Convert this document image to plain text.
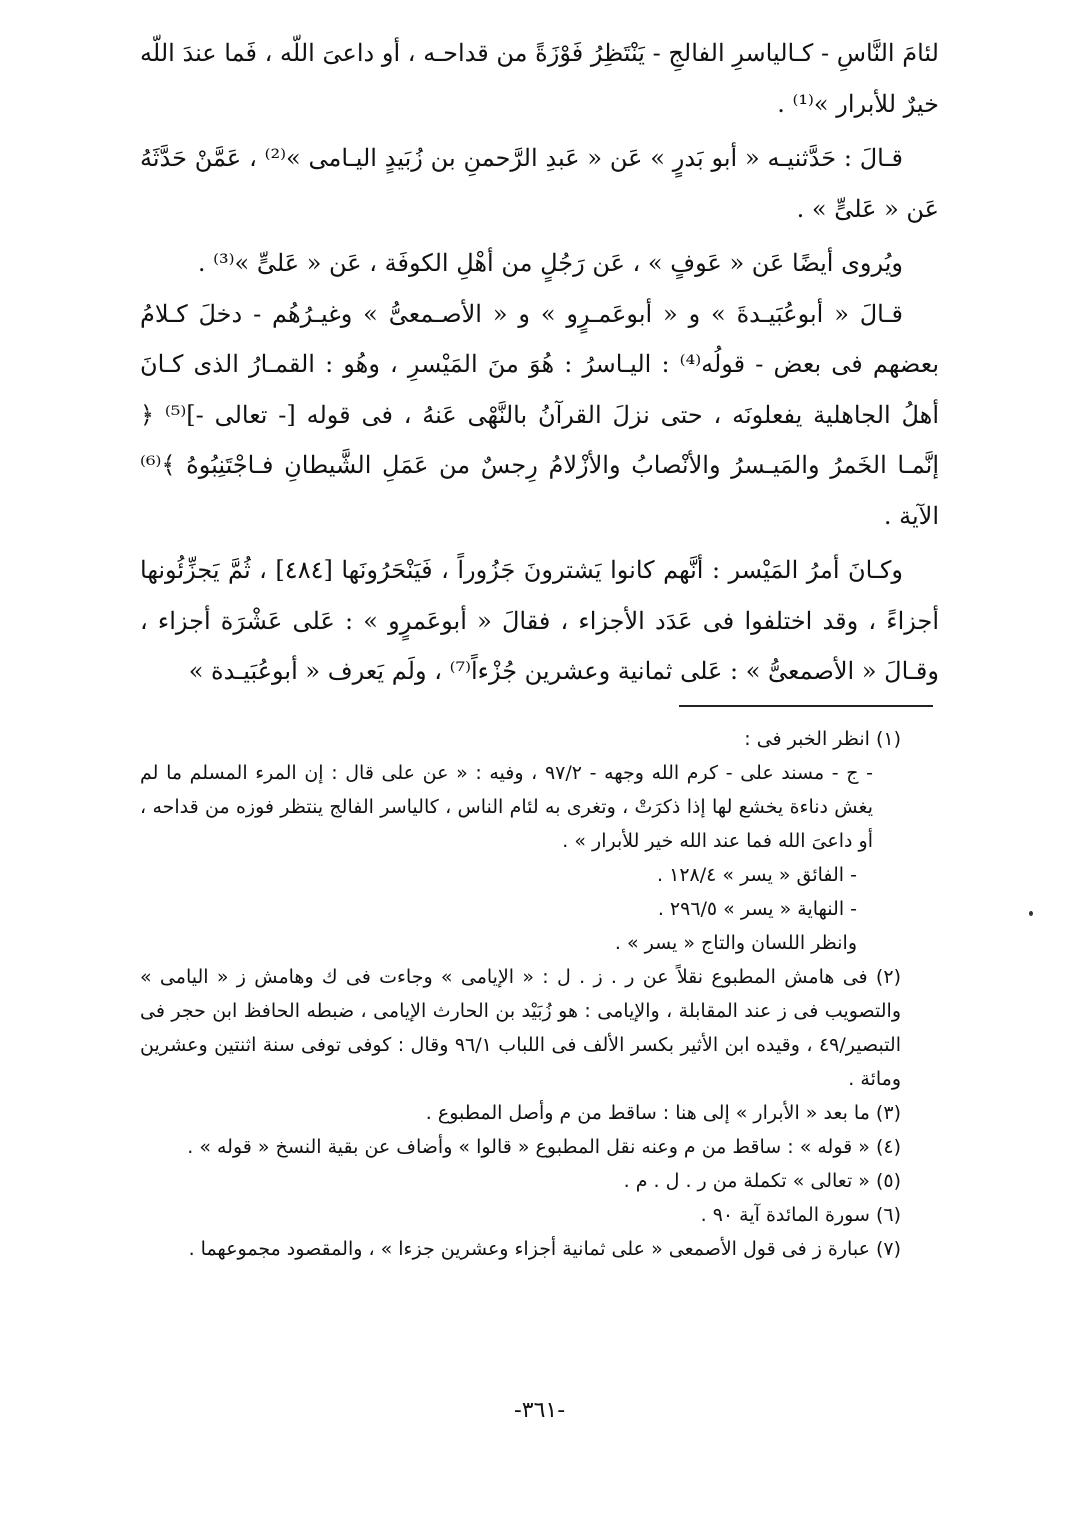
لئامَ النَّاسِ - كـالياسرِ الفالجِ - يَنْتَظِرُ فَوْزَةً من قداحـه ، أو داعىَ اللّه ، فَما عندَ اللّه خيرٌ للأبرار »⁽¹⁾ .

قـالَ : حَدَّثنيـه « أبو بَدرٍ » عَن « عَبدِ الرَّحمنِ بن زُبَيدٍ اليـامى »⁽²⁾ ، عَمَّنْ حَدَّثَهُ عَن « عَلىٍّ » .

ويُروى أيضًا عَن « عَوفٍ » ، عَن رَجُلٍ من أهْلِ الكوفَة ، عَن « عَلىٍّ »⁽³⁾ .

قـالَ « أبوعُبَيـدةَ » و « أبوعَمـرٍو » و « الأصـمعىُّ » وغيـرُهُم - دخلَ كـلامُ بعضهم فى بعض - قولُه⁽⁴⁾ : اليـاسرُ : هُوَ منَ المَيْسرِ ، وهُو : القمـارُ الذى كـانَ أهلُ الجاهلية يفعلونَه ، حتى نزلَ القرآنُ بالنَّهْى عَنهُ ، فى قوله [- تعالى -]⁽⁵⁾ ﴿ إنَّمـا الخَمرُ والمَيـسرُ والأنْصابُ والأزْلامُ رِجسٌ من عَمَلِ الشَّيطانِ فـاجْتَنِبُوهُ ﴾⁽⁶⁾ الآية .

وكـانَ أمرُ المَيْسر : أنَّهم كانوا يَشترونَ جَزُوراً ، فَيَنْحَرُونَها [٤٨٤] ، ثُمَّ يَجزِّئُونها أجزاءً ، وقد اختلفوا فى عَدَد الأجزاء ، فقالَ « أبوعَمرٍو » : عَلى عَشْرَة أجزاء ، وقـالَ « الأصمعىُّ » : عَلى ثمانية وعشرين جُزْءاً⁽⁷⁾ ، ولَم يَعرف « أبوعُبَيـدة »

(١) انظر الخبر فى :

- ج - مسند على - كرم الله وجهه - ٩٧/٢ ، وفيه : « عن على قال : إن المرء المسلم ما لم يغش دناءة يخشع لها إذا ذكرَتْ ، وتغرى به لئام الناس ، كالياسر الفالج ينتظر فوزه من قداحه ، أو داعىَ الله فما عند الله خير للأبرار » .

- الفائق « يسر » ١٢٨/٤ .

- النهاية « يسر » ٢٩٦/٥ .

وانظر اللسان والتاج « يسر » .

(٢) فى هامش المطبوع نقلاً عن ر . ز . ل : « الإيامى » وجاءت فى ك وهامش ز « اليامى » والتصويب فى ز عند المقابلة ، والإيامى : هو زُبَيْد بن الحارث الإيامى ، ضبطه الحافظ ابن حجر فى التبصير/٤٩ ، وقيده ابن الأثير بكسر الألف فى اللباب ٩٦/١ وقال : كوفى توفى سنة اثنتين وعشرين ومائة .

(٣) ما بعد « الأبرار » إلى هنا : ساقط من م وأصل المطبوع .

(٤) « قوله » : ساقط من م وعنه نقل المطبوع « قالوا » وأضاف عن بقية النسخ « قوله » .

(٥) « تعالى » تكملة من ر . ل . م .

(٦) سورة المائدة آية ٩٠ .

(٧) عبارة ز فى قول الأصمعى « على ثمانية أجزاء وعشرين جزءا » ، والمقصود مجموعهما .

-٣٦١-
